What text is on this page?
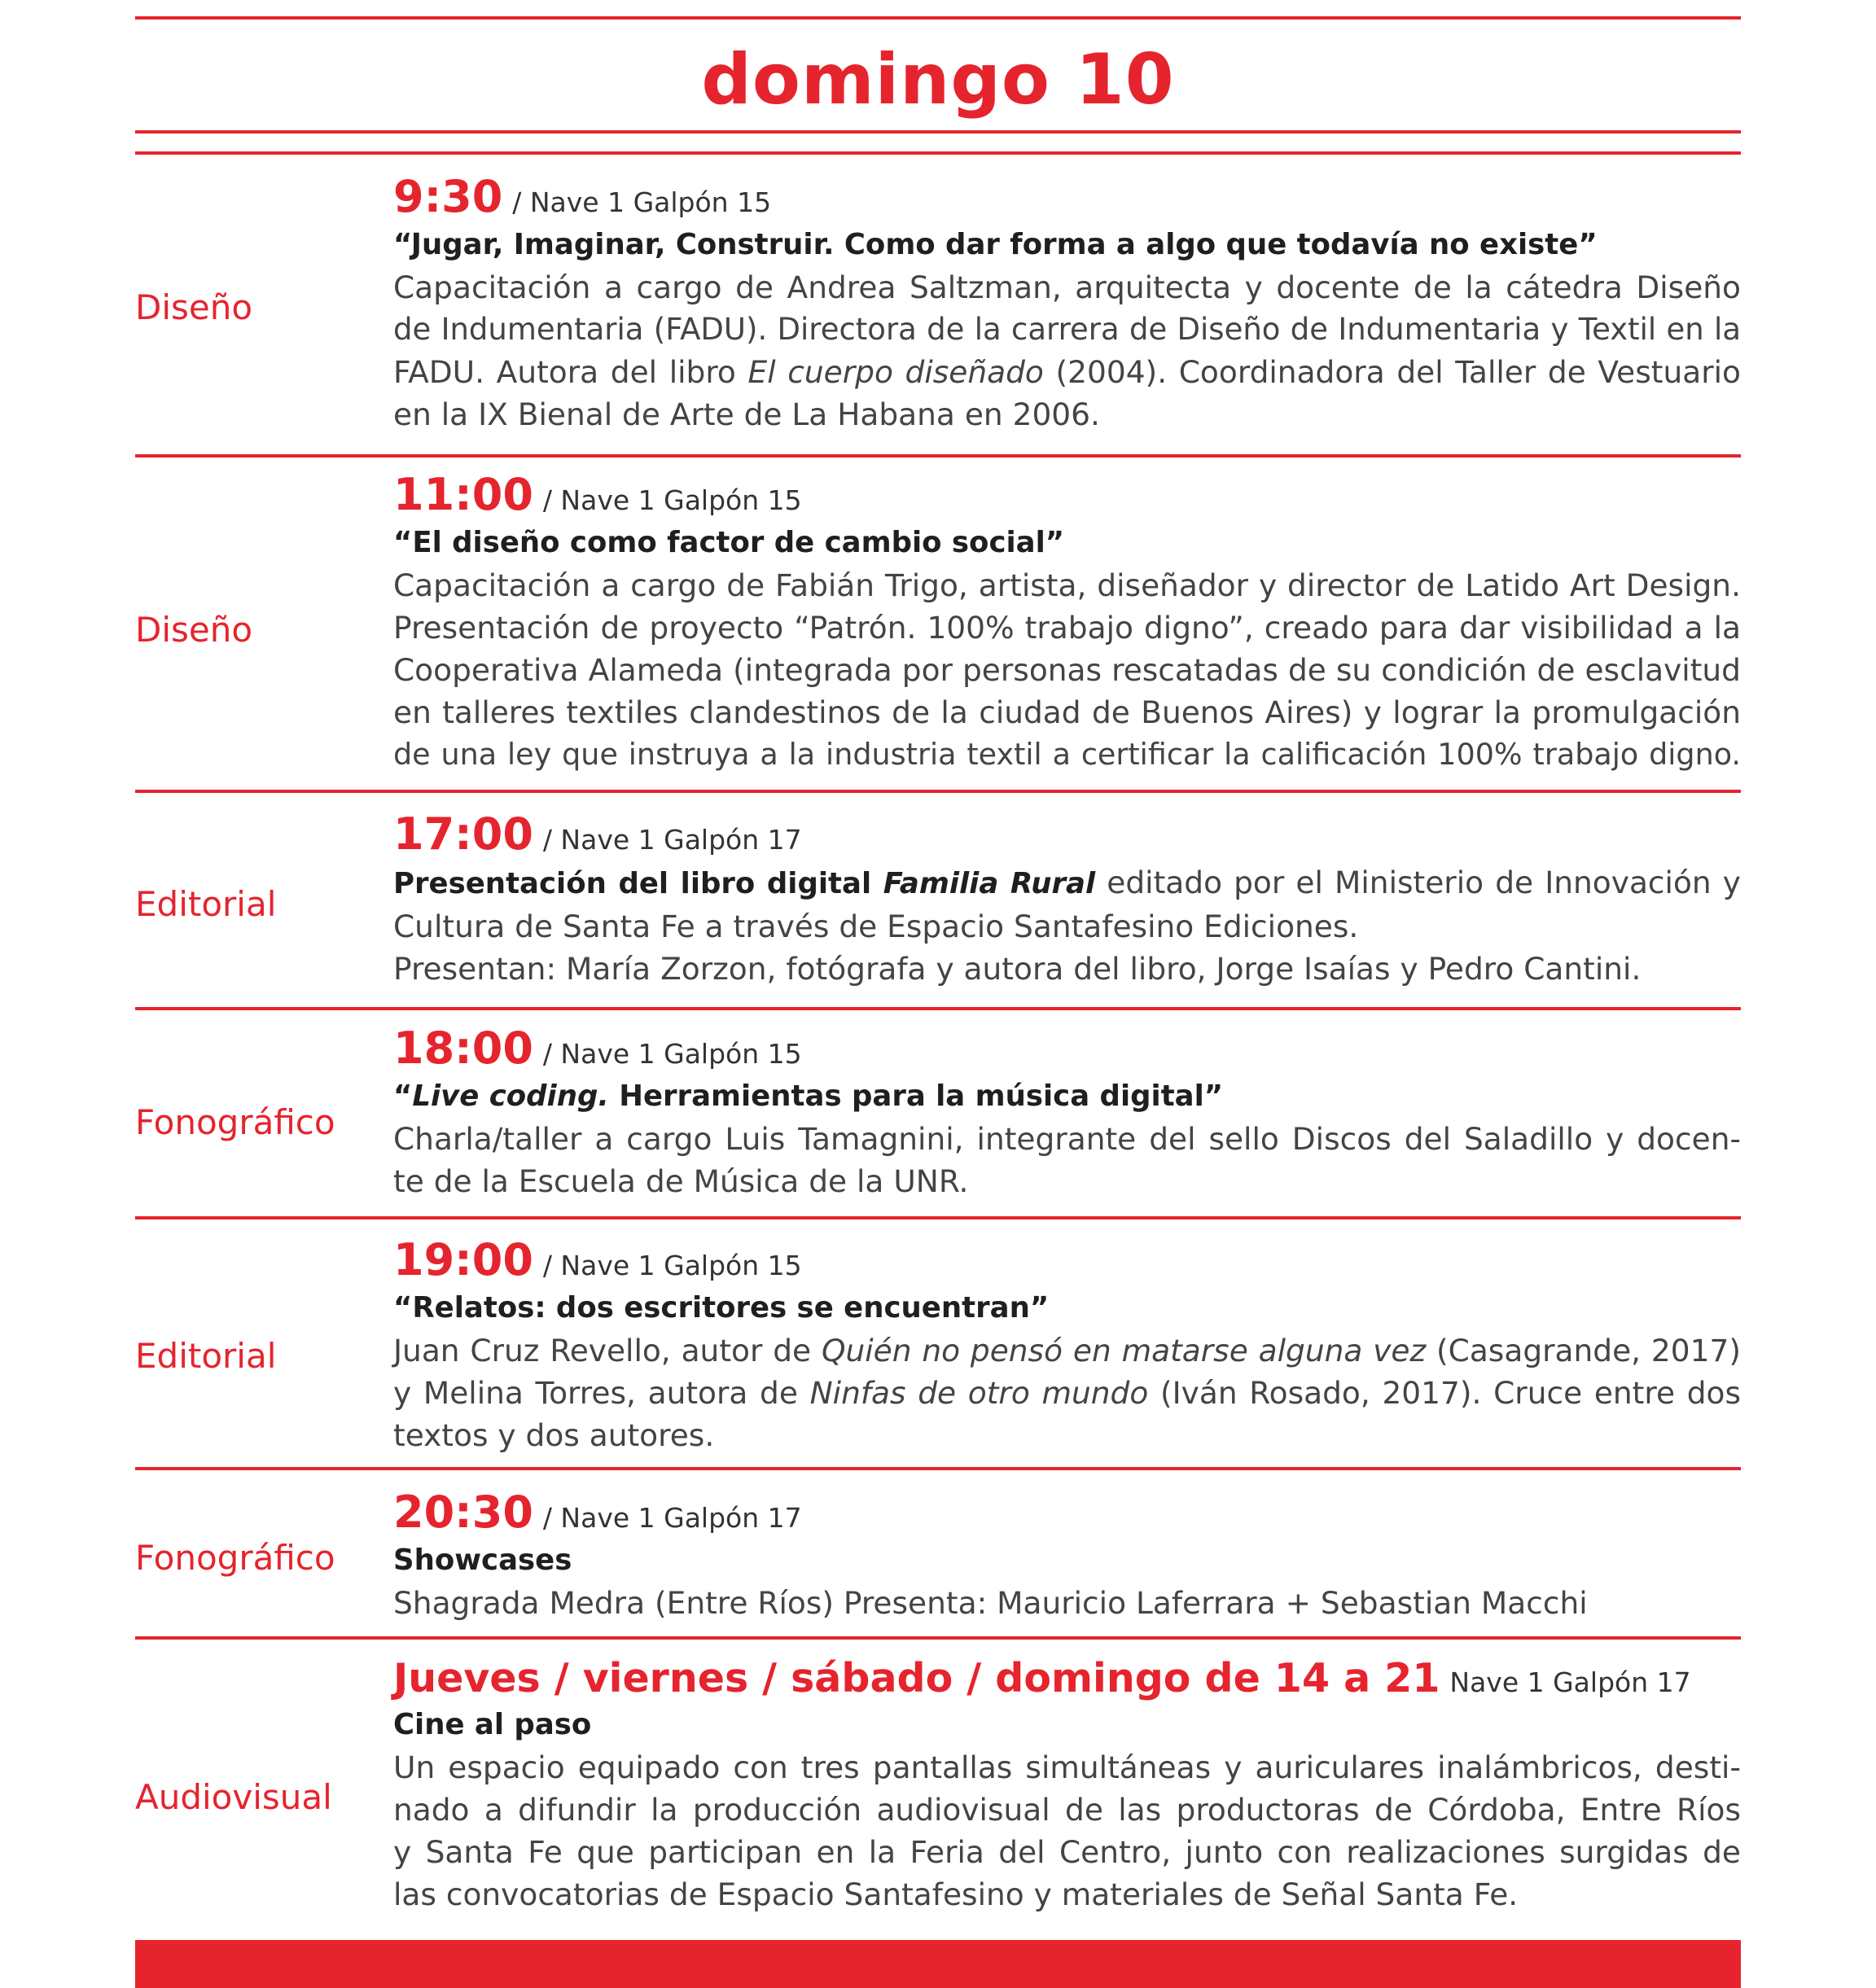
domingo 10
Diseño
9:30 / Nave 1 Galpón 15
“Jugar, Imaginar, Construir. Como dar forma a algo que todavía no existe”
Capacitación a cargo de Andrea Saltzman, arquitecta y docente de la cátedra Diseño
de Indumentaria (FADU). Directora de la carrera de Diseño de Indumentaria y Textil en la
FADU. Autora del libro El cuerpo diseñado (2004). Coordinadora del Taller de Vestuario
en la IX Bienal de Arte de La Habana en 2006.
Diseño
11:00 / Nave 1 Galpón 15
“El diseño como factor de cambio social”
Capacitación a cargo de Fabián Trigo, artista, diseñador y director de Latido Art Design.
Presentación de proyecto “Patrón. 100% trabajo digno”, creado para dar visibilidad a la
Cooperativa Alameda (integrada por personas rescatadas de su condición de esclavitud
en talleres textiles clandestinos de la ciudad de Buenos Aires) y lograr la promulgación
de una ley que instruya a la industria textil a certificar la calificación 100% trabajo digno.
Editorial
17:00 / Nave 1 Galpón 17
Presentación del libro digital Familia Rural editado por el Ministerio de Innovación y
Cultura de Santa Fe a través de Espacio Santafesino Ediciones.
Presentan: María Zorzon, fotógrafa y autora del libro, Jorge Isaías y Pedro Cantini.
Fonográfico
18:00 / Nave 1 Galpón 15
“Live coding. Herramientas para la música digital”
Charla/taller a cargo Luis Tamagnini, integrante del sello Discos del Saladillo y docen-
te de la Escuela de Música de la UNR.
Editorial
19:00 / Nave 1 Galpón 15
“Relatos: dos escritores se encuentran”
Juan Cruz Revello, autor de Quién no pensó en matarse alguna vez (Casagrande, 2017)
y Melina Torres, autora de Ninfas de otro mundo (Iván Rosado, 2017). Cruce entre dos
textos y dos autores.
Fonográfico
20:30 / Nave 1 Galpón 17
Showcases
Shagrada Medra (Entre Ríos) Presenta: Mauricio Laferrara + Sebastian Macchi
Audiovisual
Jueves / viernes / sábado / domingo de 14 a 21 Nave 1 Galpón 17
Cine al paso
Un espacio equipado con tres pantallas simultáneas y auriculares inalámbricos, desti-
nado a difundir la producción audiovisual de las productoras de Córdoba, Entre Ríos
y Santa Fe que participan en la Feria del Centro, junto con realizaciones surgidas de
las convocatorias de Espacio Santafesino y materiales de Señal Santa Fe.
